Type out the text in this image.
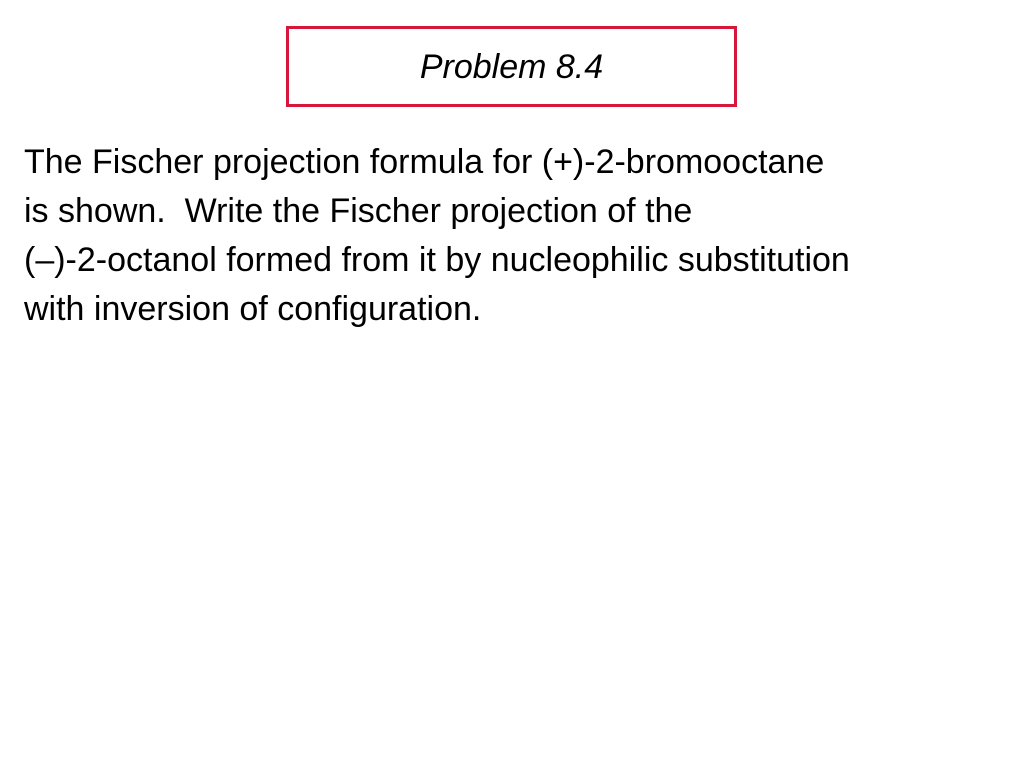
Problem 8.4
The Fischer projection formula for (+)-2-bromooctane
is shown.  Write the Fischer projection of the
(–)-2-octanol formed from it by nucleophilic substitution
with inversion of configuration.
